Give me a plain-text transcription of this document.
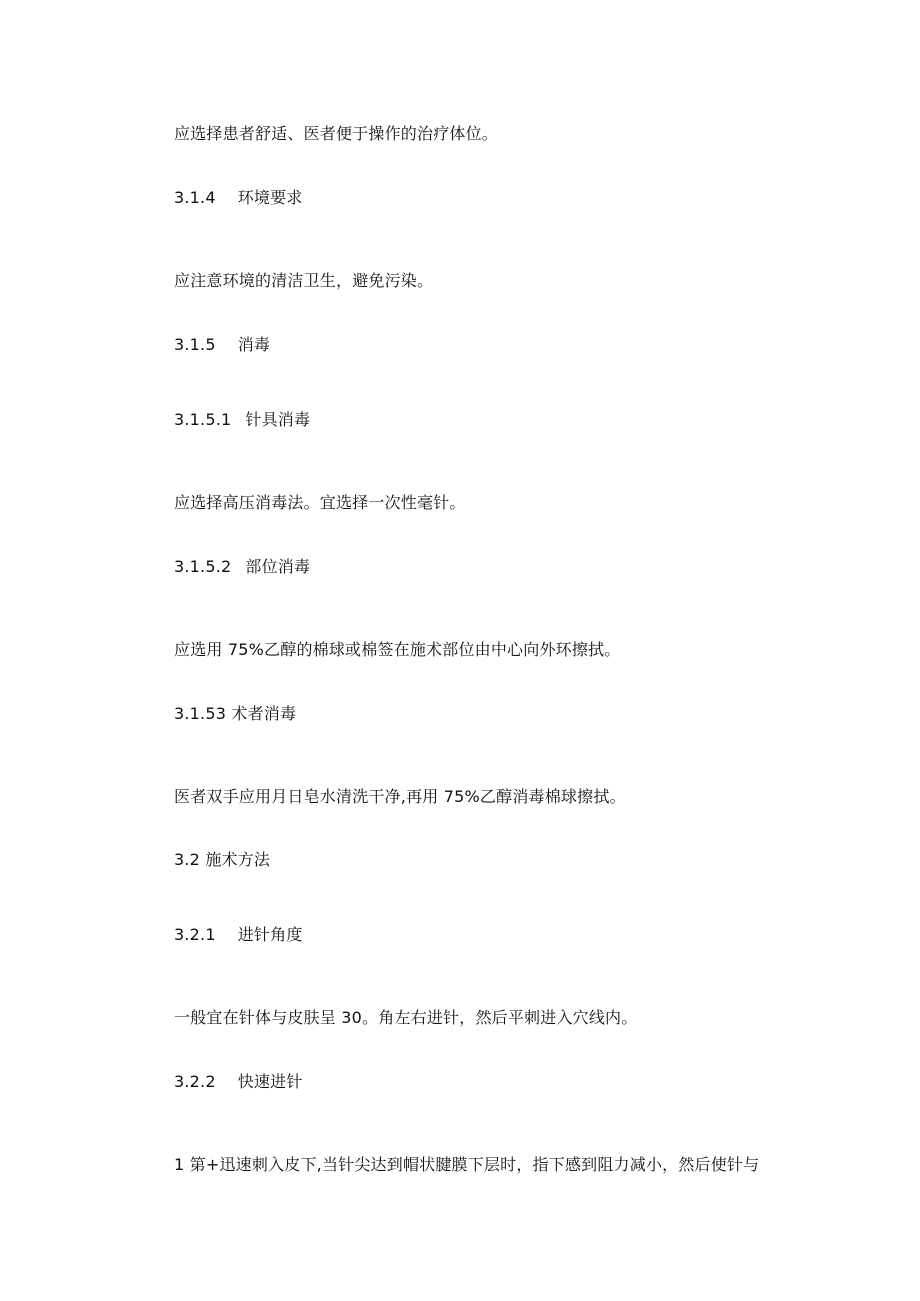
应选择患者舒适、医者便于操作的治疗体位。
3.1.4 环境要求
应注意环境的清洁卫生，避免污染。
3.1.5 消毒
3.1.5.1 针具消毒
应选择高压消毒法。宜选择一次性毫针。
3.1.5.2 部位消毒
应选用 75%乙醇的棉球或棉签在施术部位由中心向外环擦拭。
3.1.53 术者消毒
医者双手应用月日皂水清洗干净,再用 75%乙醇消毒棉球擦拭。
3.2 施术方法
3.2.1 进针角度
一般宜在针体与皮肤呈 30。角左右进针，然后平刺进入穴线内。
3.2.2 快速进针
1 第+迅速刺入皮下,当针尖达到帽状腱膜下层时，指下感到阻力减小，然后使针与
